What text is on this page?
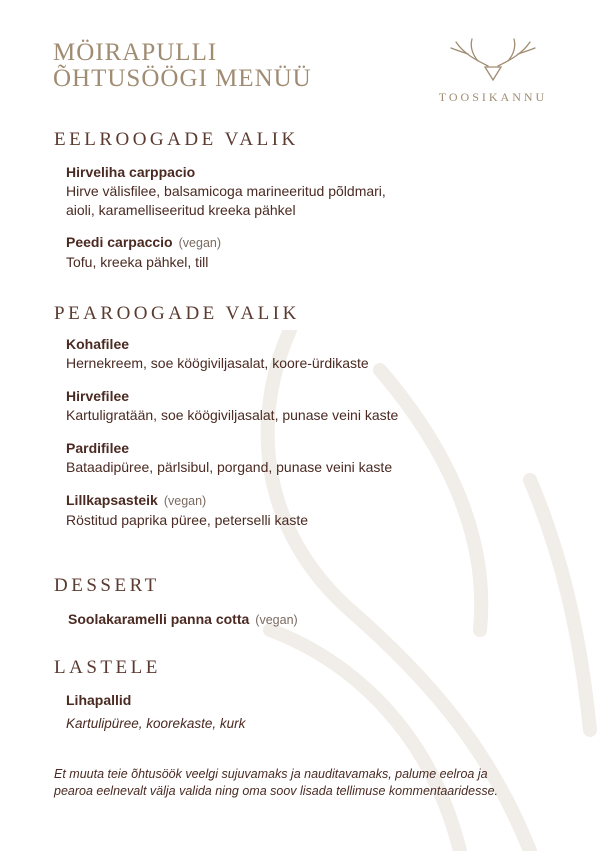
MÖIRAPULLI
ÕHTUSÖÖGI MENÜÜ
TOOSIKANNU
EELROOGADE VALIK
Hirveliha carppacio
Hirve välisfilee, balsamicoga marineeritud põldmari,
aioli, karamelliseeritud kreeka pähkel
Peedi carpaccio (vegan)
Tofu, kreeka pähkel, till
PEAROOGADE VALIK
Kohafilee
Hernekreem, soe köögiviljasalat, koore-ürdikaste
Hirvefilee
Kartuligratään, soe köögiviljasalat, punase veini kaste
Pardifilee
Bataadipüree, pärlsibul, porgand, punase veini kaste
Lillkapsasteik (vegan)
Röstitud paprika püree, peterselli kaste
DESSERT
Soolakaramelli panna cotta (vegan)
LASTELE
Lihapallid
Kartulipüree, koorekaste, kurk
Et muuta teie õhtusöök veelgi sujuvamaks ja nauditavamaks, palume eelroa ja
pearoa eelnevalt välja valida ning oma soov lisada tellimuse kommentaaridesse.
